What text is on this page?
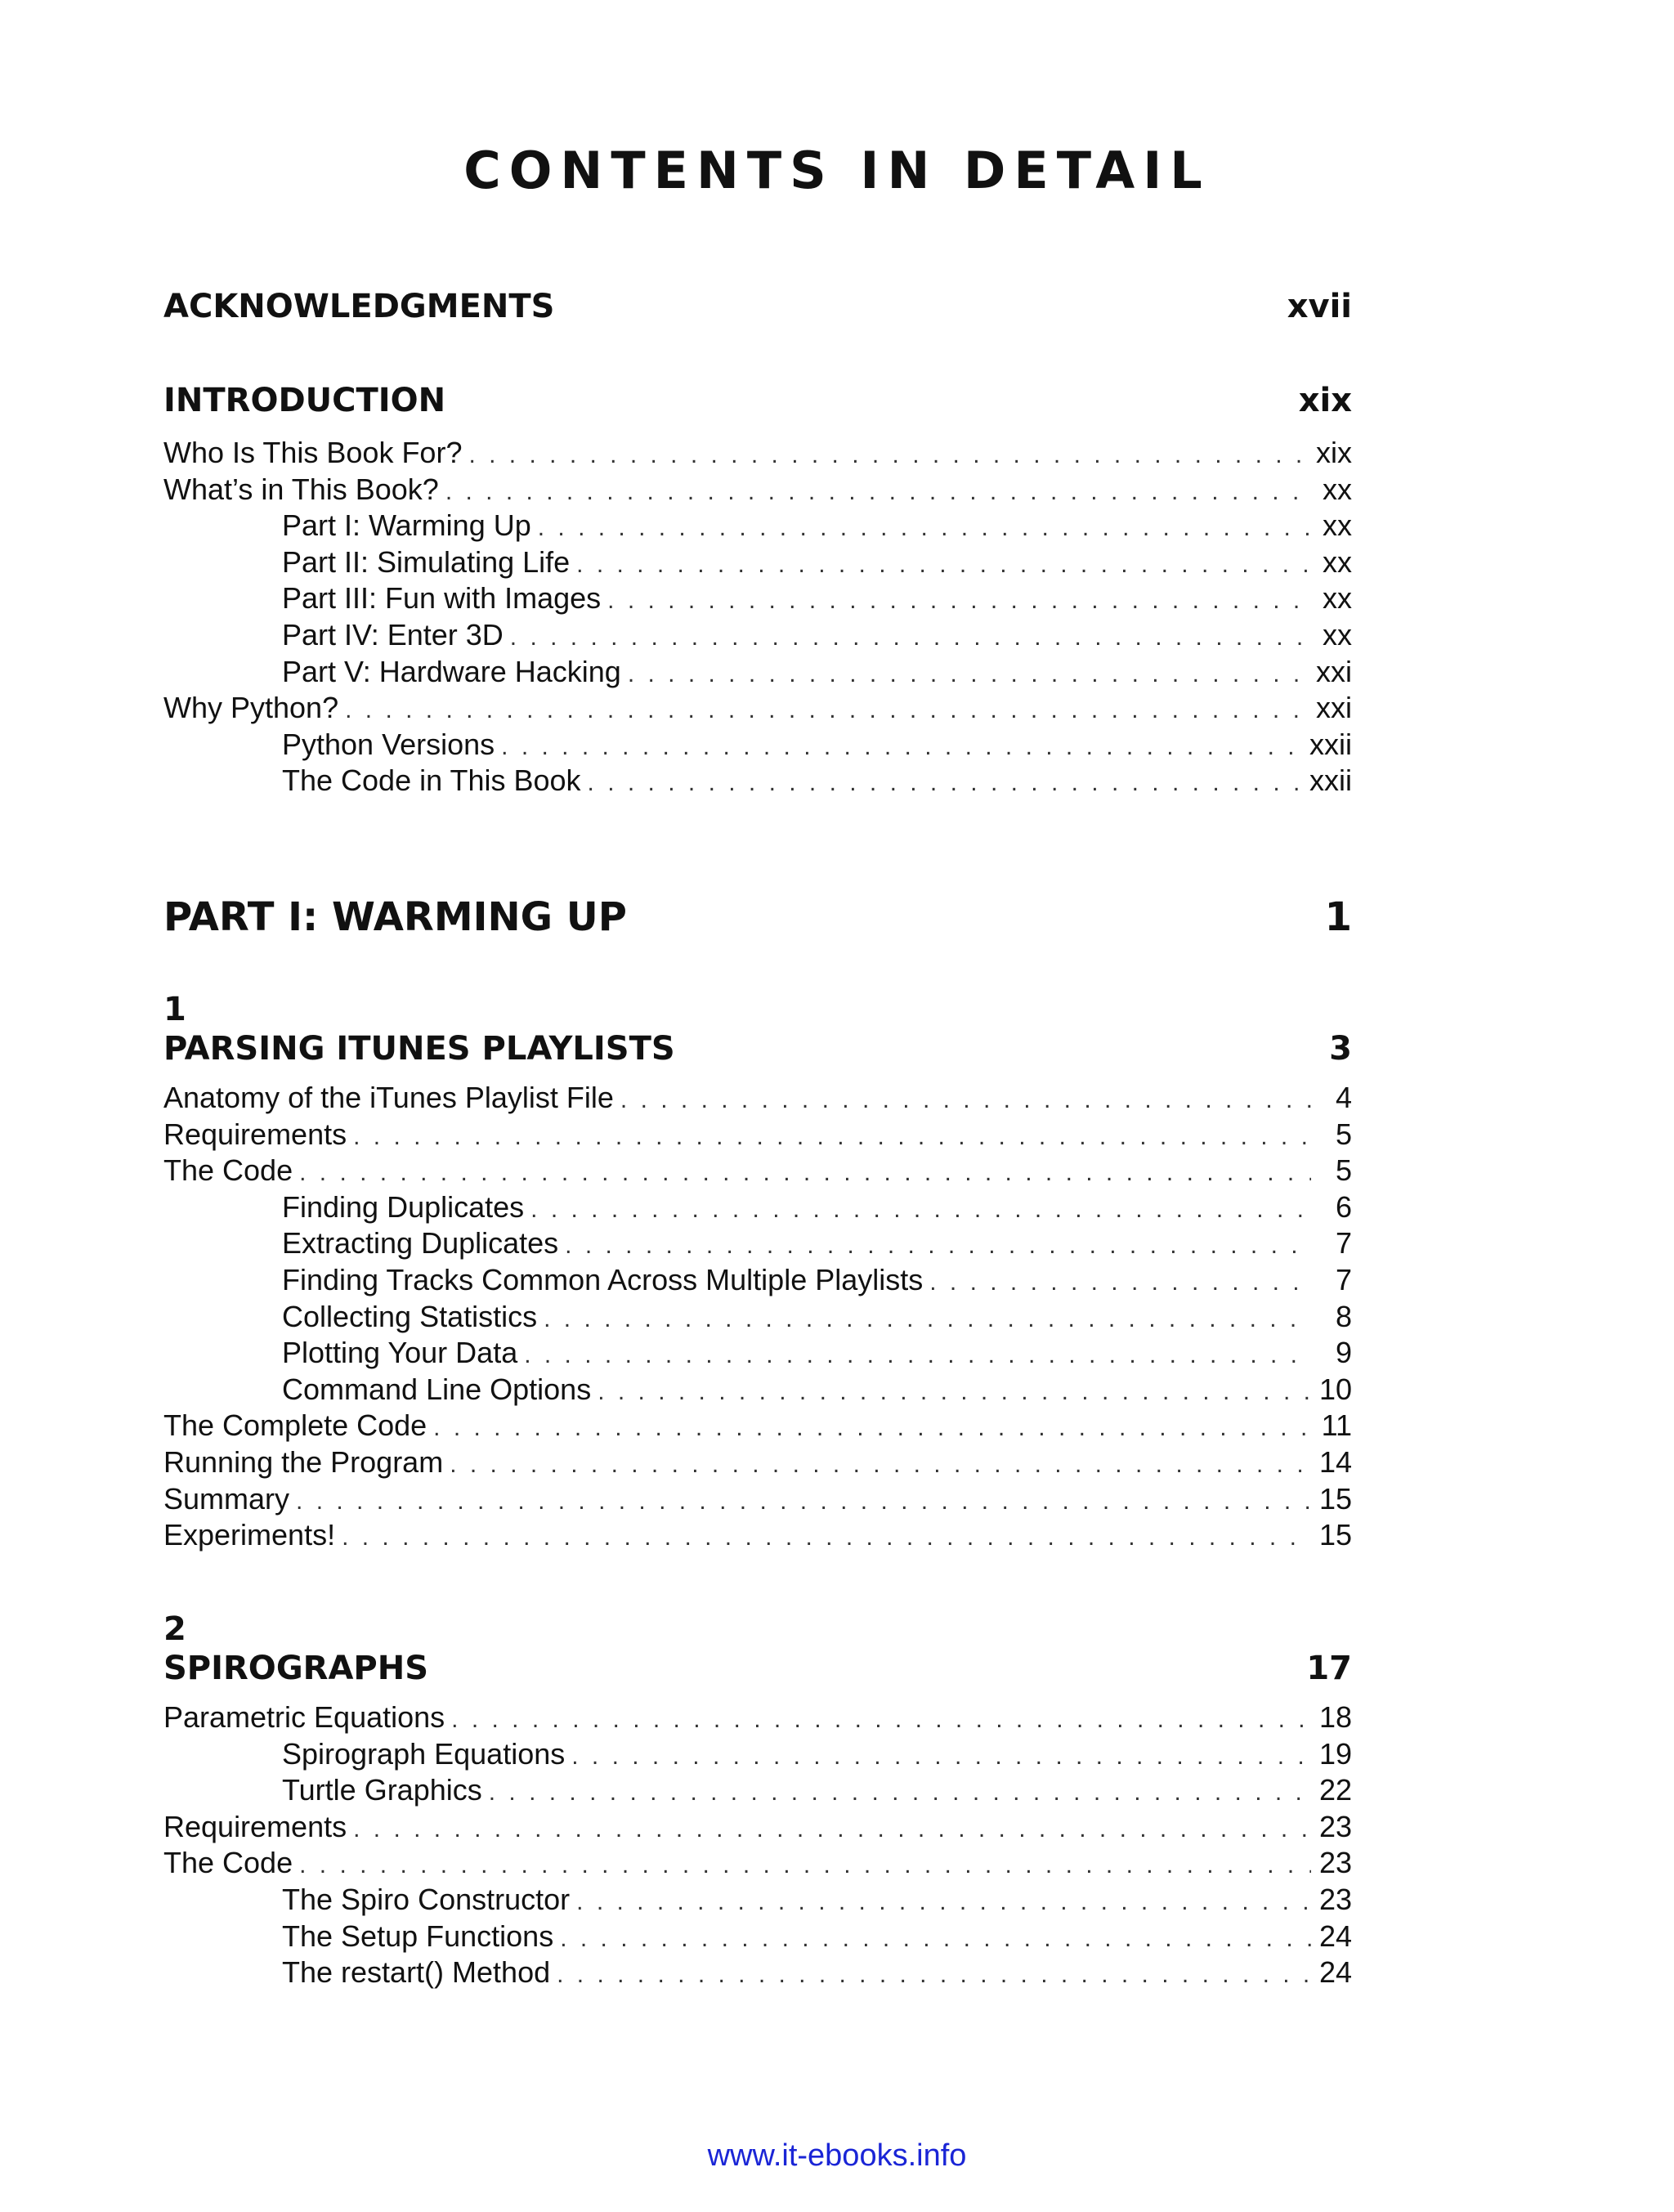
CONTENTS IN DETAIL
ACKNOWLEDGMENTS	xvii
INTRODUCTION	xix
Who Is This Book For? . . .	xix
What’s in This Book? . . .	xx
Part I: Warming Up . . .	xx
Part II: Simulating Life . . .	xx
Part III: Fun with Images . . .	xx
Part IV: Enter 3D . . .	xx
Part V: Hardware Hacking . . .	xxi
Why Python? . . .	xxi
Python Versions . . .	xxii
The Code in This Book . . .	xxii
PART I: WARMING UP	1
1
PARSING ITUNES PLAYLISTS	3
Anatomy of the iTunes Playlist File . . .	4
Requirements . . .	5
The Code . . .	5
Finding Duplicates . . .	6
Extracting Duplicates . . .	7
Finding Tracks Common Across Multiple Playlists . . .	7
Collecting Statistics . . .	8
Plotting Your Data . . .	9
Command Line Options . . .	10
The Complete Code . . .	11
Running the Program . . .	14
Summary . . .	15
Experiments! . . .	15
2
SPIROGRAPHS	17
Parametric Equations . . .	18
Spirograph Equations . . .	19
Turtle Graphics . . .	22
Requirements . . .	23
The Code . . .	23
The Spiro Constructor . . .	23
The Setup Functions . . .	24
The restart() Method . . .	24
www.it-ebooks.info
